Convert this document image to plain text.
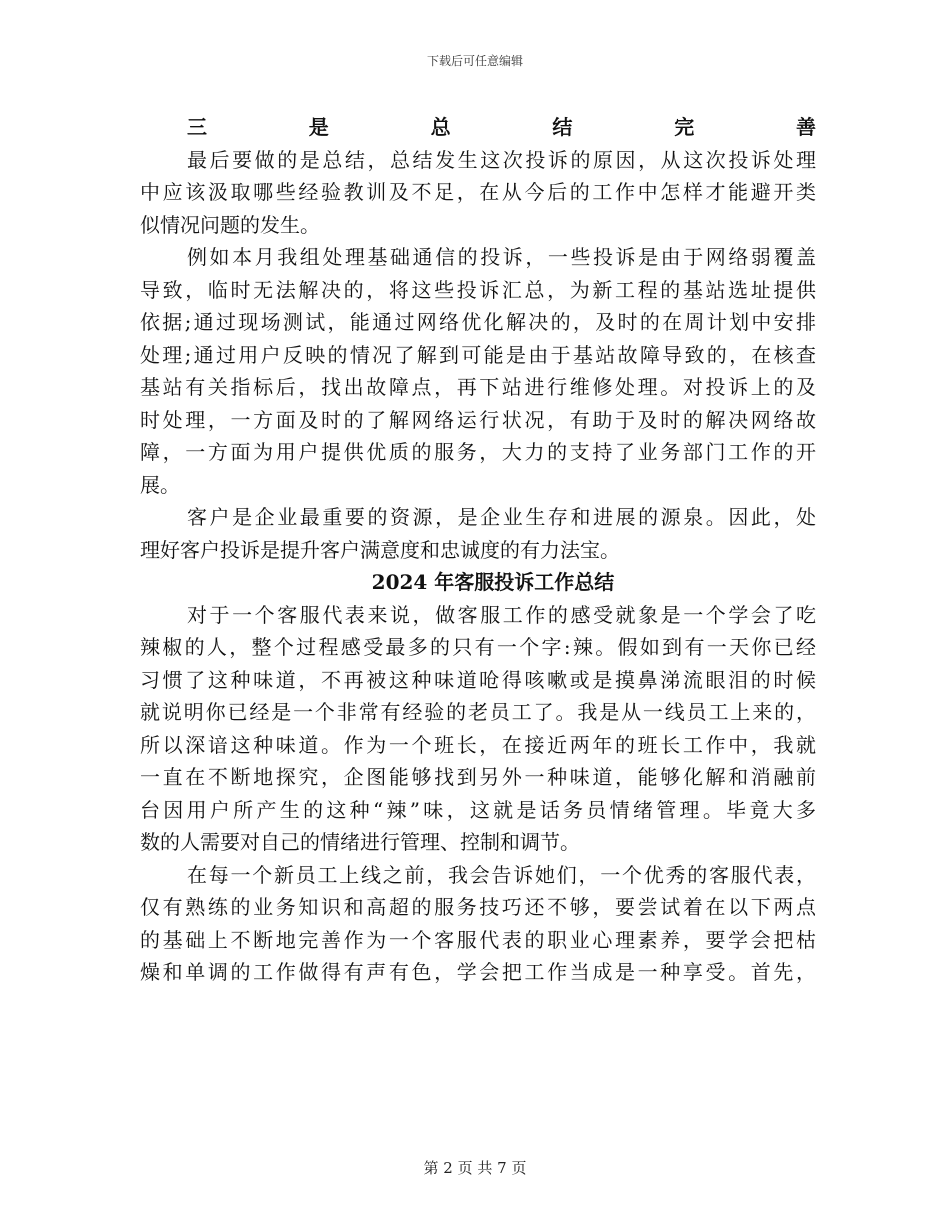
下载后可任意编辑
三是总结完善
最后要做的是总结，总结发生这次投诉的原因，从这次投诉处理
中应该汲取哪些经验教训及不足，在从今后的工作中怎样才能避开类
似情况问题的发生。
例如本月我组处理基础通信的投诉，一些投诉是由于网络弱覆盖
导致，临时无法解决的，将这些投诉汇总，为新工程的基站选址提供
依据;通过现场测试，能通过网络优化解决的，及时的在周计划中安排
处理;通过用户反映的情况了解到可能是由于基站故障导致的，在核查
基站有关指标后，找出故障点，再下站进行维修处理。对投诉上的及
时处理，一方面及时的了解网络运行状况，有助于及时的解决网络故
障，一方面为用户提供优质的服务，大力的支持了业务部门工作的开
展。
客户是企业最重要的资源，是企业生存和进展的源泉。因此，处
理好客户投诉是提升客户满意度和忠诚度的有力法宝。
2024 年客服投诉工作总结
对于一个客服代表来说，做客服工作的感受就象是一个学会了吃
辣椒的人，整个过程感受最多的只有一个字:辣。假如到有一天你已经
习惯了这种味道，不再被这种味道呛得咳嗽或是摸鼻涕流眼泪的时候
就说明你已经是一个非常有经验的老员工了。我是从一线员工上来的，
所以深谙这种味道。作为一个班长，在接近两年的班长工作中，我就
一直在不断地探究，企图能够找到另外一种味道，能够化解和消融前
台因用户所产生的这种“辣”味，这就是话务员情绪管理。毕竟大多
数的人需要对自己的情绪进行管理、控制和调节。
在每一个新员工上线之前，我会告诉她们，一个优秀的客服代表，
仅有熟练的业务知识和高超的服务技巧还不够，要尝试着在以下两点
的基础上不断地完善作为一个客服代表的职业心理素养，要学会把枯
燥和单调的工作做得有声有色，学会把工作当成是一种享受。首先，
第 2 页 共 7 页
